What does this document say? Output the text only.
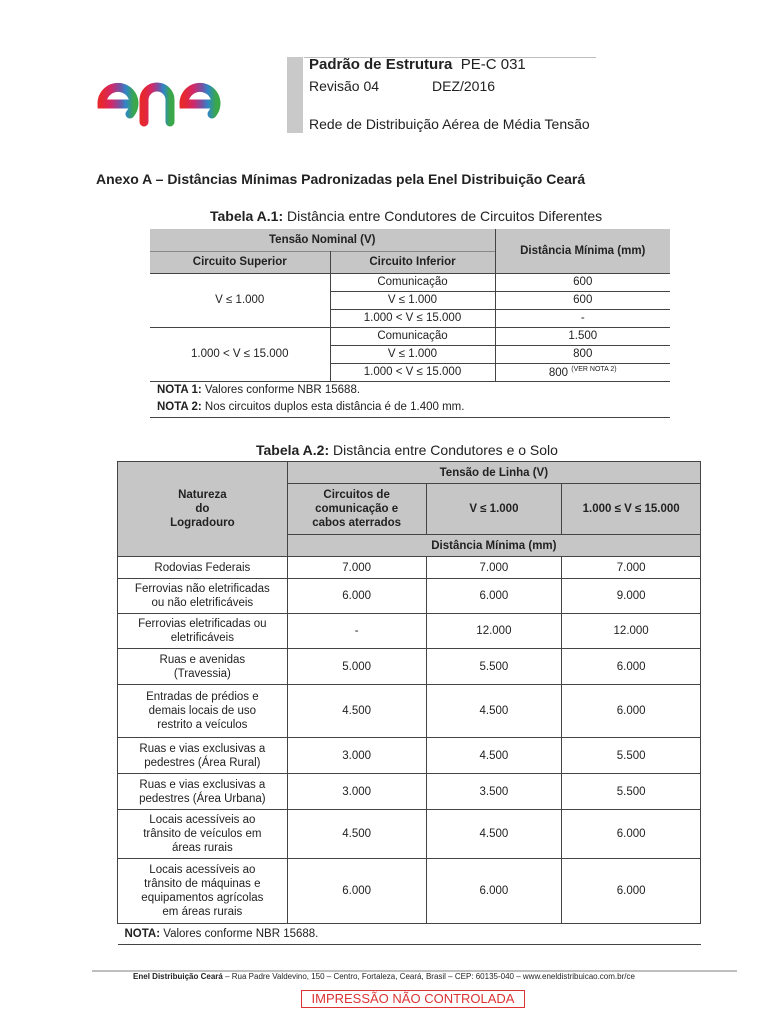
Padrão de Estrutura PE-C 031
Revisão 04	DEZ/2016
Rede de Distribuição Aérea de Média Tensão
Anexo A – Distâncias Mínimas Padronizadas pela Enel Distribuição Ceará
Tabela A.1: Distância entre Condutores de Circuitos Diferentes
Tensão Nominal (V)		Distância Mínima (mm)
Circuito Superior	Circuito Inferior	
V ≤ 1.000	Comunicação	600
	V ≤ 1.000	600
	1.000 < V ≤ 15.000	-
1.000 < V ≤ 15.000	Comunicação	1.500
	V ≤ 1.000	800
	1.000 < V ≤ 15.000	800 $^{(VER NOTA 2)}$
NOTA 1: Valores conforme NBR 15688.		
NOTA 2: Nos circuitos duplos esta distância é de 1.400 mm.		
Tabela A.2: Distância entre Condutores e o Solo
Natureza
do
Logradouro	Tensão de Linha (V)		
	Circuitos de
comunicação e
cabos aterrados	V ≤ 1.000	1.000 ≤ V ≤ 15.000
	Distância Mínima (mm)		
Rodovias Federais	7.000	7.000	7.000
Ferrovias não eletrificadas
ou não eletrificáveis	6.000	6.000	9.000
Ferrovias eletrificadas ou
eletrificáveis	-	12.000	12.000
Ruas e avenidas
(Travessia)	5.000	5.500	6.000
Entradas de prédios e
demais locais de uso
restrito a veículos	4.500	4.500	6.000
Ruas e vias exclusivas a
pedestres (Área Rural)	3.000	4.500	5.500
Ruas e vias exclusivas a
pedestres (Área Urbana)	3.000	3.500	5.500
Locais acessíveis ao
trânsito de veículos em
áreas rurais	4.500	4.500	6.000
Locais acessíveis ao
trânsito de máquinas e
equipamentos agrícolas
em áreas rurais	6.000	6.000	6.000
NOTA: Valores conforme NBR 15688.			
Enel Distribuição Ceará – Rua Padre Valdevino, 150 – Centro, Fortaleza, Ceará, Brasil – CEP: 60135-040 – www.eneldistribuicao.com.br/ce
IMPRESSÃO NÃO CONTROLADA
